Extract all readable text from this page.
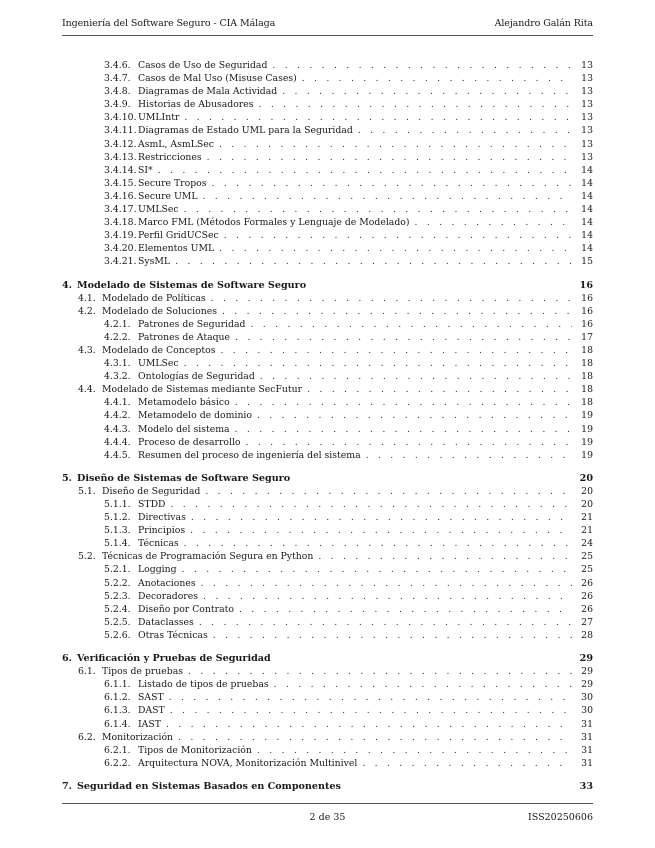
Ingeniería del Software Seguro - CIA Málaga	Alejandro Galán Rita
3.4.6. Casos de Uso de Seguridad . . .	13
3.4.7. Casos de Mal Uso (Misuse Cases) . . .	13
3.4.8. Diagramas de Mala Actividad . . .	13
3.4.9. Historias de Abusadores . . .	13
3.4.10. UMLIntr . . .	13
3.4.11. Diagramas de Estado UML para la Seguridad . . .	13
3.4.12. AsmL, AsmLSec . . .	13
3.4.13. Restricciones . . .	13
3.4.14. SI* . . .	14
3.4.15. Secure Tropos . . .	14
3.4.16. Secure UML . . .	14
3.4.17. UMLSec . . .	14
3.4.18. Marco FML (Métodos Formales y Lenguaje de Modelado) . . .	14
3.4.19. Perfil GridUCSec . . .	14
3.4.20. Elementos UML . . .	14
3.4.21. SysML . . .	15
4. Modelado de Sistemas de Software Seguro	16
4.1. Modelado de Políticas . . .	16
4.2. Modelado de Soluciones . . .	16
4.2.1. Patrones de Seguridad . . .	16
4.2.2. Patrones de Ataque . . .	17
4.3. Modelado de Conceptos . . .	18
4.3.1. UMLSec . . .	18
4.3.2. Ontologías de Seguridad . . .	18
4.4. Modelado de Sistemas mediante SecFutur . . .	18
4.4.1. Metamodelo básico . . .	18
4.4.2. Metamodelo de dominio . . .	19
4.4.3. Modelo del sistema . . .	19
4.4.4. Proceso de desarrollo . . .	19
4.4.5. Resumen del proceso de ingeniería del sistema . . .	19
5. Diseño de Sistemas de Software Seguro	20
5.1. Diseño de Seguridad . . .	20
5.1.1. STDD . . .	20
5.1.2. Directivas . . .	21
5.1.3. Principios . . .	21
5.1.4. Técnicas . . .	24
5.2. Técnicas de Programación Segura en Python . . .	25
5.2.1. Logging . . .	25
5.2.2. Anotaciones . . .	26
5.2.3. Decoradores . . .	26
5.2.4. Diseño por Contrato . . .	26
5.2.5. Dataclasses . . .	27
5.2.6. Otras Técnicas . . .	28
6. Verificación y Pruebas de Seguridad	29
6.1. Tipos de pruebas . . .	29
6.1.1. Listado de tipos de pruebas . . .	29
6.1.2. SAST . . .	30
6.1.3. DAST . . .	30
6.1.4. IAST . . .	31
6.2. Monitorización . . .	31
6.2.1. Tipos de Monitorización . . .	31
6.2.2. Arquitectura NOVA, Monitorización Multinivel . . .	31
7. Seguridad en Sistemas Basados en Componentes	33
2 de 35	ISS20250606
